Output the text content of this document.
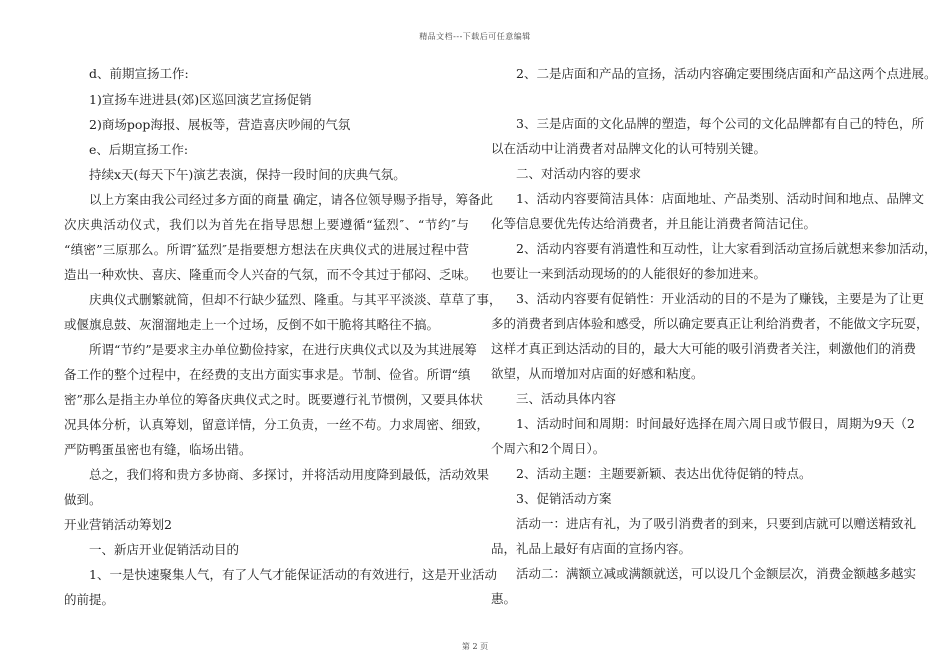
精品文档---下载后可任意编辑
d、前期宣扬工作:
1)宣扬车进进县(郊)区巡回演艺宣扬促销
2)商场pop海报、展板等，营造喜庆吵闹的气氛
e、后期宣扬工作:
持续x天(每天下午)演艺表演，保持一段时间的庆典气氛。
以上方案由我公司经过多方面的商量 确定，请各位领导赐予指导，筹备此
次庆典活动仪式，我们以为首先在指导思想上要遵循“猛烈″、“节约″与
“缜密”三原那么。所谓″猛烈″是指要想方想法在庆典仪式的进展过程中营
造出一种欢快、喜庆、隆重而令人兴奋的气氛，而不令其过于郁闷、乏味。
庆典仪式删繁就简，但却不行缺少猛烈、隆重。与其平平淡淡、草草了事，
或偃旗息鼓、灰溜溜地走上一个过场，反倒不如干脆将其略往不搞。
所谓“节约”是要求主办单位勤俭持家，在进行庆典仪式以及为其进展筹
备工作的整个过程中，在经费的支出方面实事求是。节制、俭省。所谓“缜
密”那么是指主办单位的筹备庆典仪式之时。既要遵行礼节惯例，又要具体状
况具体分析，认真筹划，留意详情，分工负责，一丝不苟。力求周密、细致，
严防鸭蛋虽密也有缝，临场出错。
总之，我们将和贵方多协商、多探讨，并将活动用度降到最低，活动效果
做到。
开业营销活动筹划2
一、新店开业促销活动目的
1、一是快速聚集人气，有了人气才能保证活动的有效进行，这是开业活动
的前提。
2、二是店面和产品的宣扬，活动内容确定要围绕店面和产品这两个点进展。
3、三是店面的文化品牌的塑造，每个公司的文化品牌都有自己的特色，所
以在活动中让消费者对品牌文化的认可特别关键。
二、对活动内容的要求
1、活动内容要简洁具体：店面地址、产品类别、活动时间和地点、品牌文
化等信息要优先传达给消费者，并且能让消费者简洁记住。
2、活动内容要有消遣性和互动性，让大家看到活动宣扬后就想来参加活动，
也要让一来到活动现场的的人能很好的参加进来。
3、活动内容要有促销性：开业活动的目的不是为了赚钱，主要是为了让更
多的消费者到店体验和感受，所以确定要真正让利给消费者，不能做文字玩耍，
这样才真正到达活动的目的，最大大可能的吸引消费者关注，刺激他们的消费
欲望，从而增加对店面的好感和粘度。
三、活动具体内容
1、活动时间和周期：时间最好选择在周六周日或节假日，周期为9天（2
个周六和2个周日）。
2、活动主题：主题要新颖、表达出优待促销的特点。
3、促销活动方案
活动一：进店有礼，为了吸引消费者的到来，只要到店就可以赠送精致礼
品，礼品上最好有店面的宣扬内容。
活动二：满额立减或满额就送，可以设几个金额层次，消费金额越多越实
惠。
第 2 页
